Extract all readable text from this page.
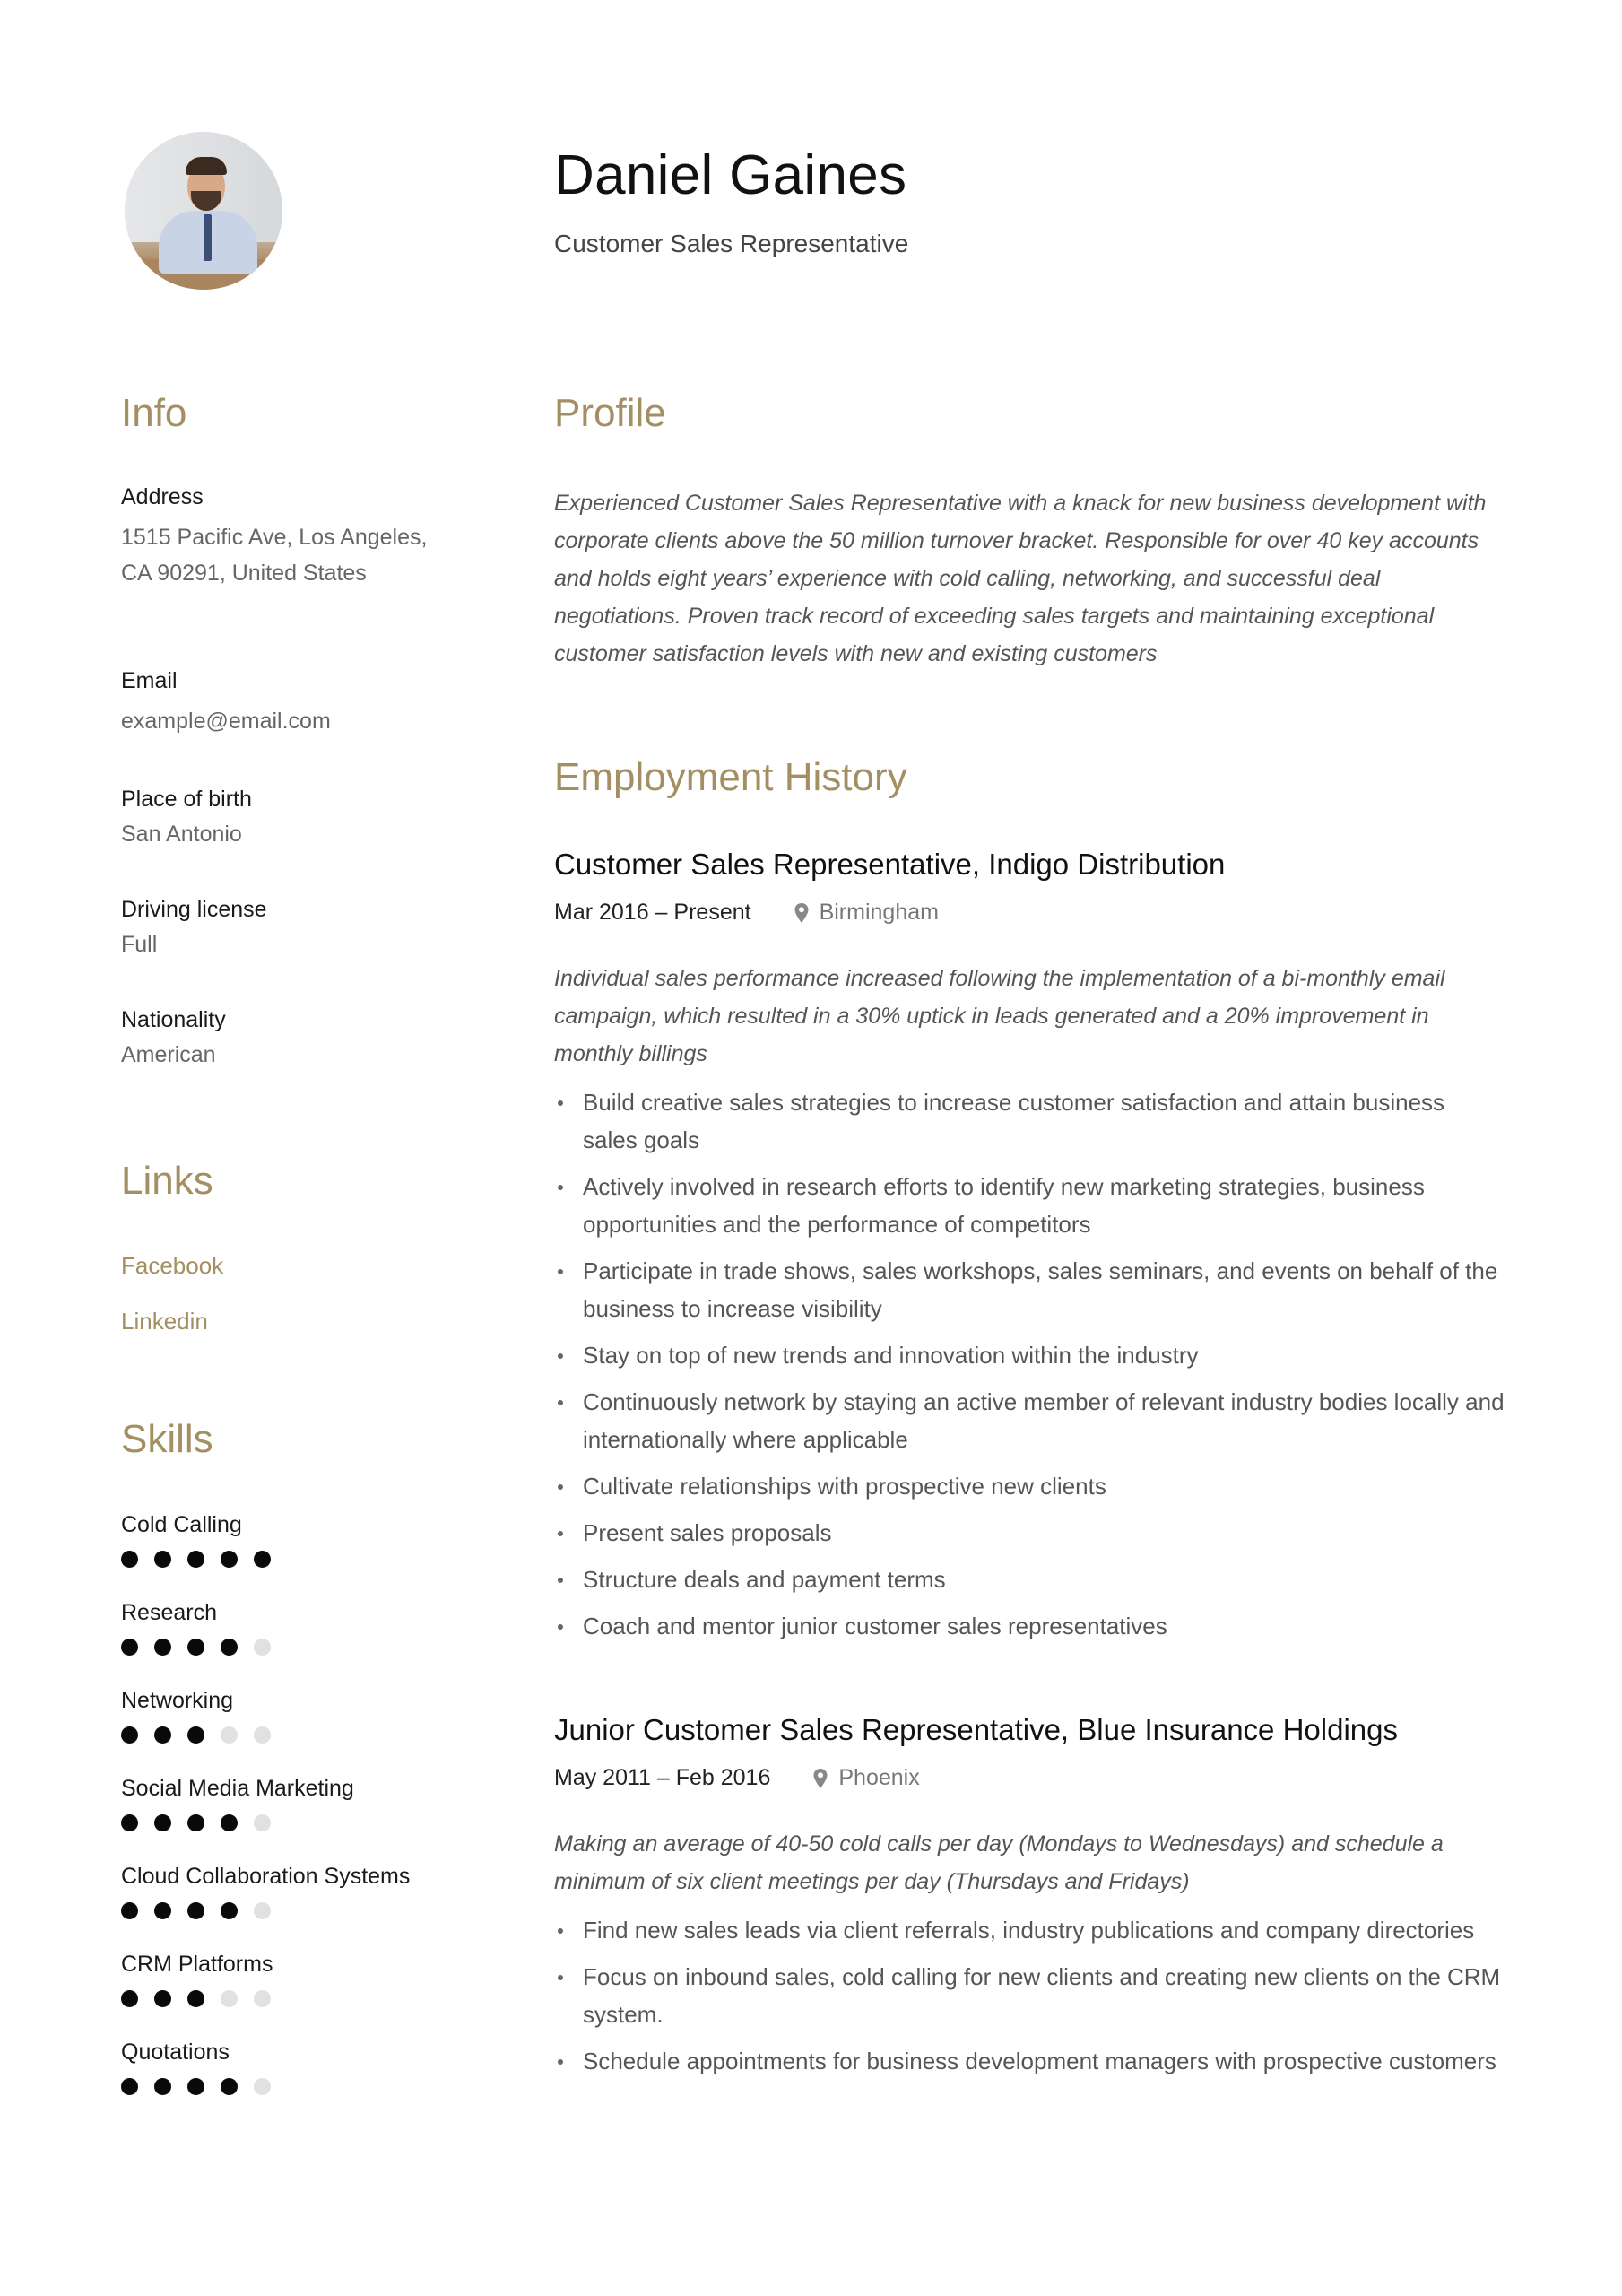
Daniel Gaines
Customer Sales Representative
Info
Address
1515 Pacific Ave, Los Angeles, CA 90291, United States
Email
example@email.com
Place of birth
San Antonio
Driving license
Full
Nationality
American
Links
Facebook
Linkedin
Skills
Cold Calling
Research
Networking
Social Media Marketing
Cloud Collaboration Systems
CRM Platforms
Quotations
Profile
Experienced Customer Sales Representative with a knack for new business development with corporate clients above the 50 million turnover bracket. Responsible for over 40 key accounts and holds eight years’ experience with cold calling, networking, and successful deal negotiations. Proven track record of exceeding sales targets and maintaining exceptional customer satisfaction levels with new and existing customers
Employment History
Customer Sales Representative, Indigo Distribution
Mar 2016 – Present	Birmingham
Individual sales performance increased following the implementation of a bi-monthly email campaign, which resulted in a 30% uptick in leads generated and a 20% improvement in monthly billings
Build creative sales strategies to increase customer satisfaction and attain business sales goals
Actively involved in research efforts to identify new marketing strategies, business opportunities and the performance of competitors
Participate in trade shows, sales workshops, sales seminars, and events on behalf of the business to increase visibility
Stay on top of new trends and innovation within the industry
Continuously network by staying an active member of relevant industry bodies locally and internationally where applicable
Cultivate relationships with prospective new clients
Present sales proposals
Structure deals and payment terms
Coach and mentor junior customer sales representatives
Junior Customer Sales Representative, Blue Insurance Holdings
May 2011 – Feb 2016	Phoenix
Making an average of 40-50 cold calls per day (Mondays to Wednesdays) and schedule a minimum of six client meetings per day (Thursdays and Fridays)
Find new sales leads via client referrals, industry publications and company directories
Focus on inbound sales, cold calling for new clients and creating new clients on the CRM system.
Schedule appointments for business development managers with prospective customers
